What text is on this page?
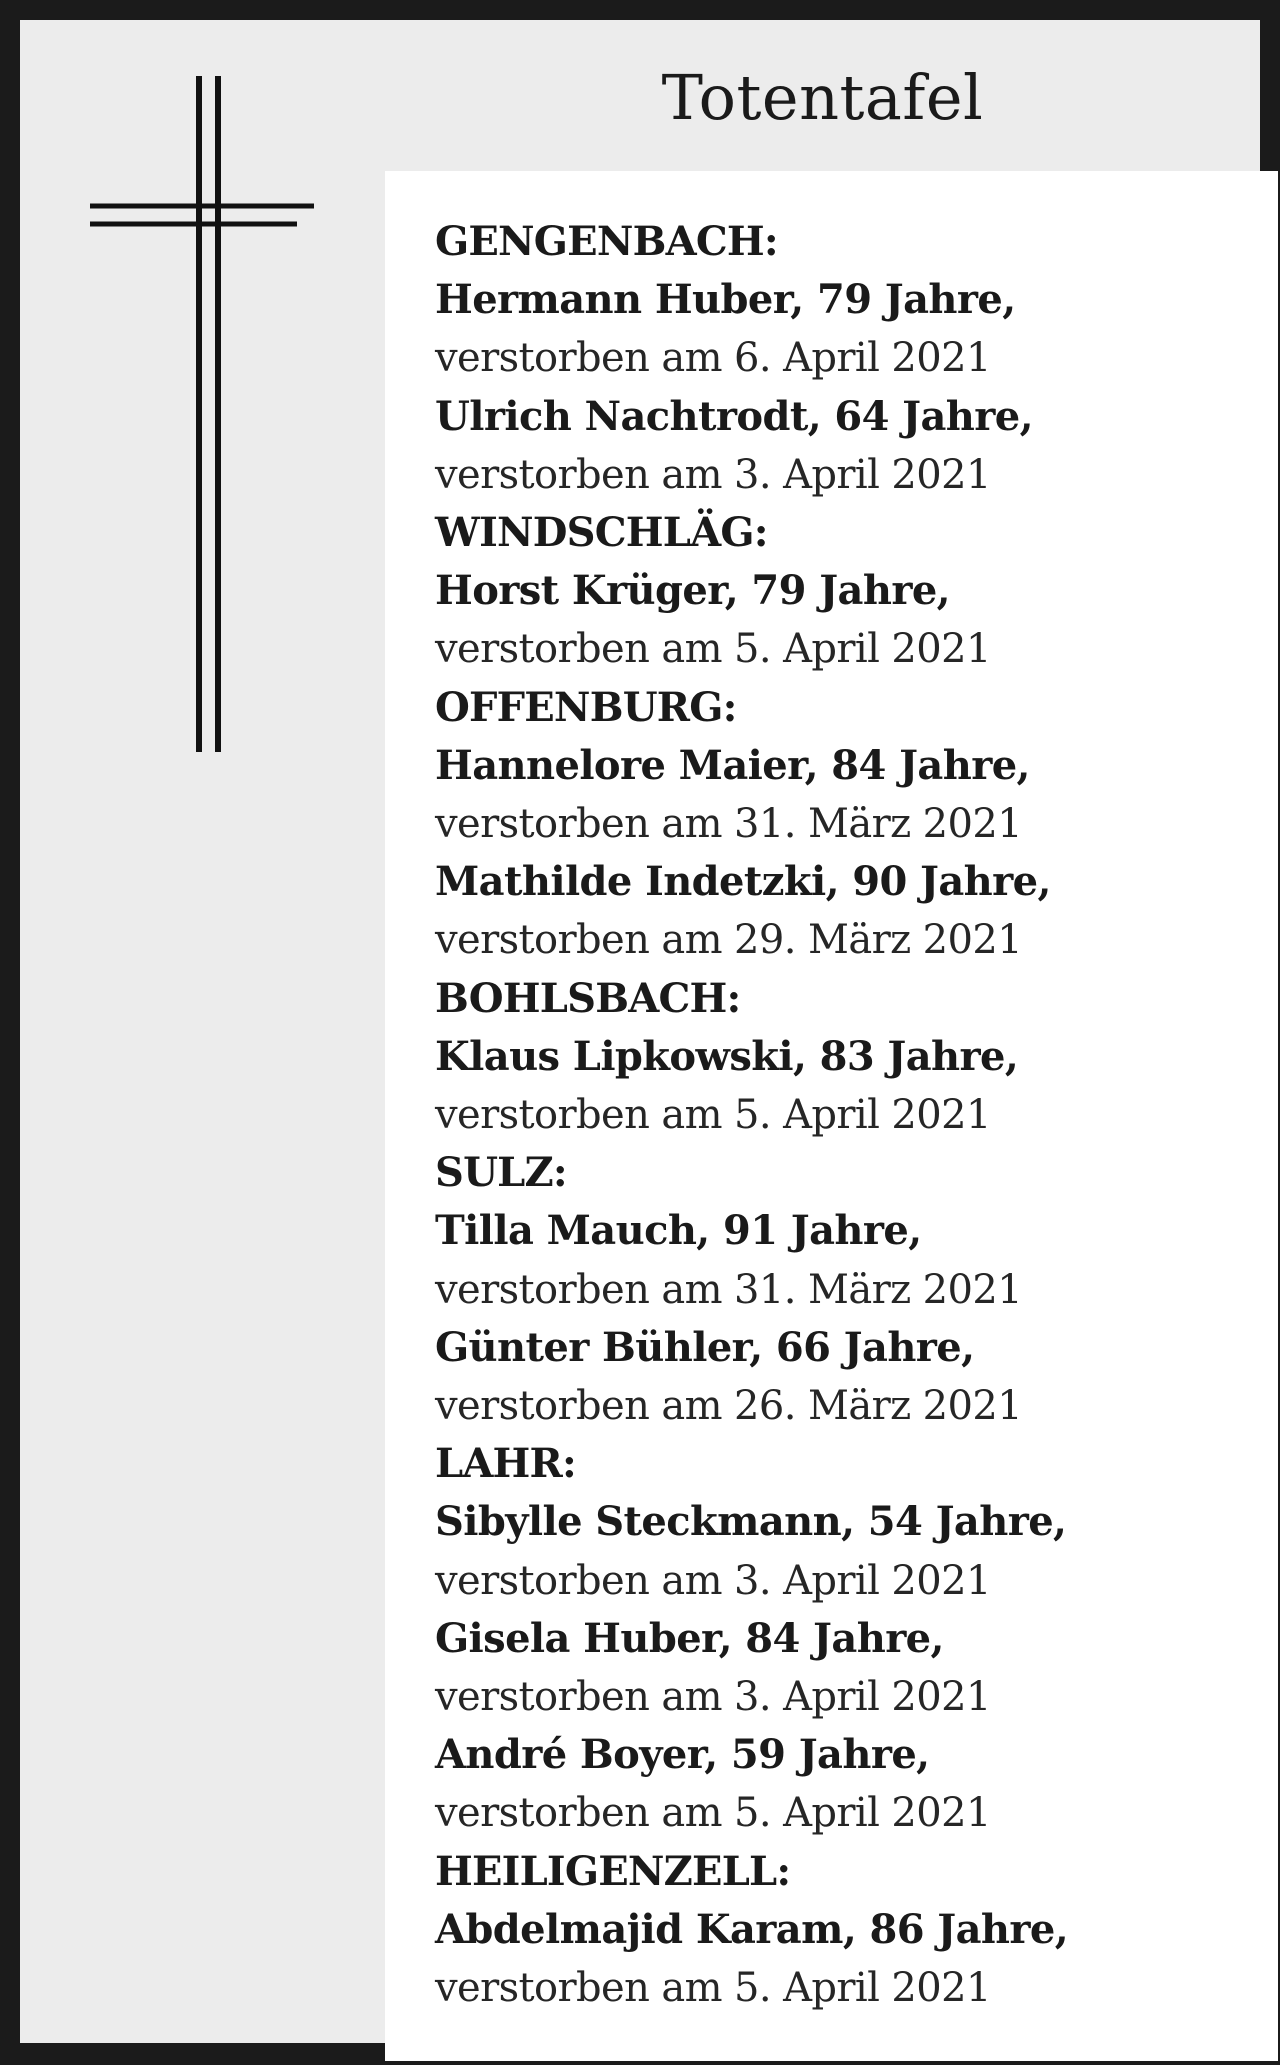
Totentafel
GENGENBACH:
Hermann Huber, 79 Jahre,
verstorben am 6. April 2021
Ulrich Nachtrodt, 64 Jahre,
verstorben am 3. April 2021
WINDSCHLÄG:
Horst Krüger, 79 Jahre,
verstorben am 5. April 2021
OFFENBURG:
Hannelore Maier, 84 Jahre,
verstorben am 31. März 2021
Mathilde Indetzki, 90 Jahre,
verstorben am 29. März 2021
BOHLSBACH:
Klaus Lipkowski, 83 Jahre,
verstorben am 5. April 2021
SULZ:
Tilla Mauch, 91 Jahre,
verstorben am 31. März 2021
Günter Bühler, 66 Jahre,
verstorben am 26. März 2021
LAHR:
Sibylle Steckmann, 54 Jahre,
verstorben am 3. April 2021
Gisela Huber, 84 Jahre,
verstorben am 3. April 2021
André Boyer, 59 Jahre,
verstorben am 5. April 2021
HEILIGENZELL:
Abdelmajid Karam, 86 Jahre,
verstorben am 5. April 2021
